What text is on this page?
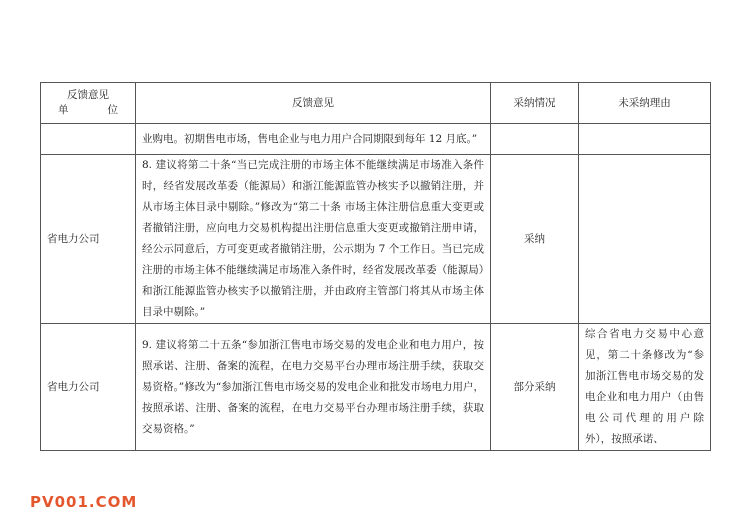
反馈意见
单 位	反馈意见	采纳情况	未采纳理由
	业购电。初期售电市场，售电企业与电力用户合同期限到每年 12 月底。”		
省电力公司	8. 建议将第二十条“当已完成注册的市场主体不能继续满足市场准入条件时，经省发展改革委（能源局）和浙江能源监管办核实予以撤销注册，并从市场主体目录中剔除。”修改为“第二十条 市场主体注册信息重大变更或者撤销注册，应向电力交易机构提出注册信息重大变更或撤销注册申请，经公示同意后，方可变更或者撤销注册，公示期为 7 个工作日。当已完成注册的市场主体不能继续满足市场准入条件时，经省发展改革委（能源局）和浙江能源监管办核实予以撤销注册，并由政府主管部门将其从市场主体目录中剔除。”	采纳	
省电力公司	9. 建议将第二十五条“参加浙江售电市场交易的发电企业和电力用户，按照承诺、注册、备案的流程，在电力交易平台办理市场注册手续，获取交易资格。”修改为“参加浙江售电市场交易的发电企业和批发市场电力用户，按照承诺、注册、备案的流程，在电力交易平台办理市场注册手续，获取交易资格。”	部分采纳	综合省电力交易中心意见，第二十条修改为“参加浙江售电市场交易的发电企业和电力用户（由售电公司代理的用户除外），按照承诺、
PV001.COM
